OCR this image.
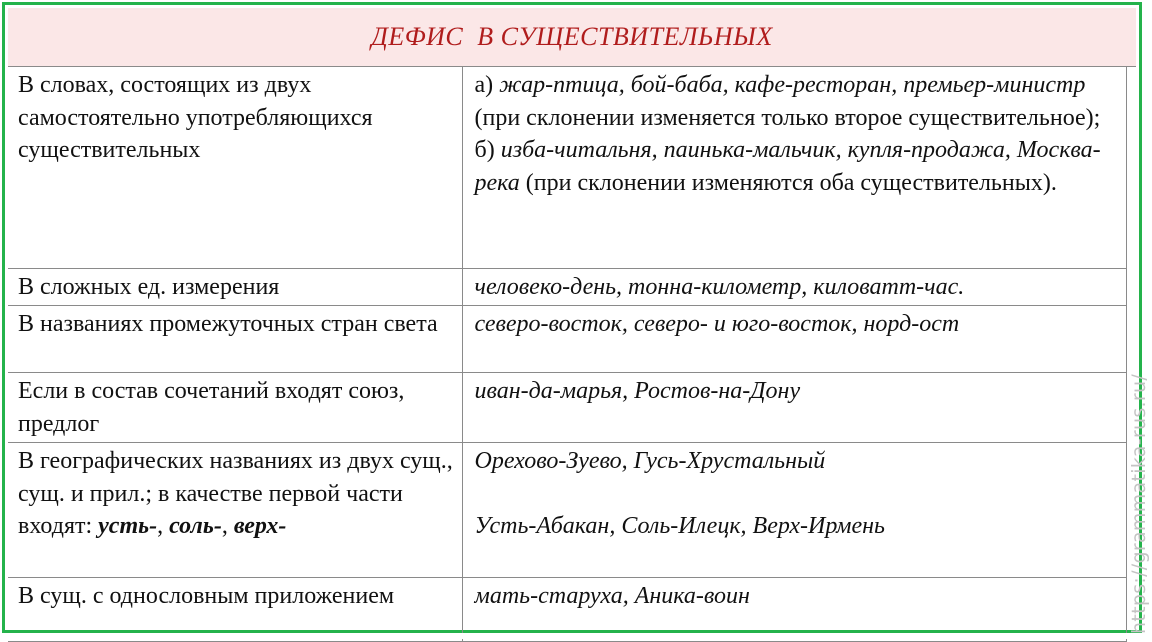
ДЕФИС  В СУЩЕСТВИТЕЛЬНЫХ
В словах, состоящих из двух самостоятельно употребляющихся существительных	а) жар-птица, бой-баба, кафе-ресторан, премьер-министр (при склонении изменяется только второе существительное);
б) изба-читальня, паинька-мальчик, купля-продажа, Москва-река (при склонении изменяются оба существительных).
В сложных ед. измерения	человеко-день, тонна-километр, киловатт-час.
В названиях промежуточных стран света	северо-восток, северо- и юго-восток, норд-ост
Если в состав сочетаний входят союз, предлог	иван-да-марья, Ростов-на-Дону
В географических названиях из двух сущ., сущ. и прил.; в качестве первой части входят: усть-, соль-, верх-	Орехово-Зуево, Гусь-Хрустальный
Усть-Абакан, Соль-Илецк, Верх-Ирмень
В сущ. с однословным приложением	мать-старуха, Аника-воин	https://grammatika-rus.ru/
